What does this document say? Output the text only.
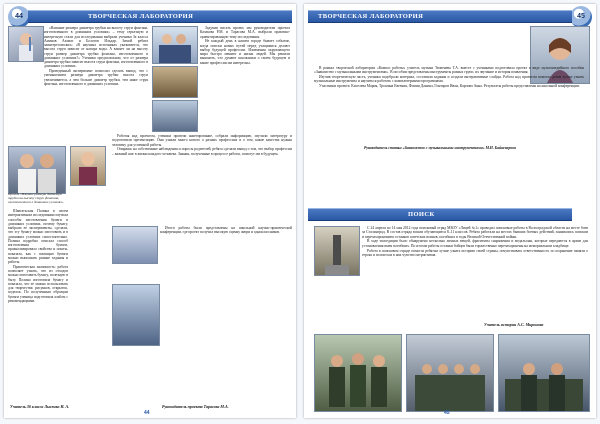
44	ТВОРЧЕСКАЯ ЛАБОРАТОРИЯ

«Влияние размера диаметра трубки на высоту струи фонтана, изготовленного в домашних условиях» – тему серьезную и интересную стали для исследования выбрали ученики 3а класса Аминов Азамат и Болотов Ильдар. Зимой ребята заинтересовались: «В научных источниках указывается, что высота струи зависит от напора воды. А влияет ли на высоту струи размер диаметра трубки фонтана, изготовленного в домашних условиях?» Ученики предположили, что от размера диаметра трубки зависит высота струи фонтана, изготовленного в домашних условиях.

Проведенный эксперимент позволил сделать вывод, что с уменьшением размера диаметра трубки высота струи увеличивается, а чем больше диаметр трубки, тем ниже струя фонтана, изготовленного в домашних условиях.

Проект «Влияние размера диаметра трубки на высоту струи фонтана, изготовленного в домашних условиях»

Шавгатьская Полина в своем интерактивном исследовании изучила способы изготовления бумаги в домашних условиях, почему бумагу, выбрали ее эксперименты, сделали, что эту бумагу можно изготовить и в домашних условиях самостоятельно. Полина подробно описала способ изготовления бумаги, проанализировала свойства и опыты, показала, как с помощью бумаги можно выполнять разные задания и работы.

Практическая значимость: работа позволяет узнать, что из отходов можно изготовить бумагу, полезную в быту. Полина изготовила бумагу и показала, что ее можно использовать для творчества: рисунков, открыток, поделок. По полученным образцам бумаги ученица подготовила альбом с рекомендациями.

Учитель 3б класса Лысенко Н. А.

Задумав писать проект, мы руководители проекта Казакова Р.М. и Тарасова М.А. выбрали практико-ориентированную тему исследования.

Не каждый день в нашем городе бывает событие, когда поиски новых путей перед учащимися делают выбор будущей профессии. Изменения окружающего мира быстро меняют и жизнь людей. Мы решили выяснить, что думают школьники о своем будущем и какие профессии им интересны.

Работая над проектом, ученики провели анкетирование, собрали информацию, изучили литературу и подготовили презентацию. Они узнали много нового о разных профессиях и о том, какие качества нужны человеку для успешной работы.

Опираясь на собственные наблюдения и опросы родителей, ребята сделали вывод о том, что выбор профессии – важный шаг в жизни каждого человека. Знания, полученные в процессе работы, помогут им в будущем.

Итоги работы были представлены на школьной научно-практической конференции, где проект получил высокую оценку жюри и одноклассников.

Руководитель проекта Тарасова М.А.
44
45
ТВОРЧЕСКАЯ ЛАБОРАТОРИЯ

В рамках творческой лаборатории «Компас работы» учитель музыки Тюменева Т.А. вместе с учениками подготовила проект в виде мультимедийного пособия «Знакомство с музыкальными инструментами». В пособии представлены инструменты разных групп, их звучание и история появления.

Изучив теоретическую часть, ученики подобрали материал, составили задания и создали интерактивные слайды. Работа над проектом помогла детям лучше узнать музыкальные инструменты и научиться работать с компьютерными программами.

Участники проекта: Киселева Мария, Трошина Евгения, Фомин Даниил, Гончаров Иван, Карпова Анна. Результаты работы представлены на школьной конференции.

Руководитель статьи «Знакомство с музыкальными инструментами» М.Н. Байкенерова
ПОИСК

С 24 апреля по 14 мая 2012 года поисковый отряд МБОУ «Лицей №1» проводил поисковые работы в Волгоградской области на месте боев за Сталинград. В состав отряда вошли обучающиеся 8–11 классов. Ребята работали на местах бывших боевых действий, занимались поиском и перезахоронением останков советских воинов, погибших в годы Великой Отечественной войны.

В ходе экспедиции было обнаружено несколько личных вещей, фрагменты снаряжения и медальоны, которые передаются в архив для установления имен погибших. По итогам работы останки бойцов были торжественно перезахоронены на мемориальном кладбище.

Работа в поисковом отряде помогла ребятам лучше узнать историю своей страны, почувствовать ответственность за сохранение памяти о героях и воспитала в них чувство патриотизма.

Учитель истории А.С. Миронова
45
